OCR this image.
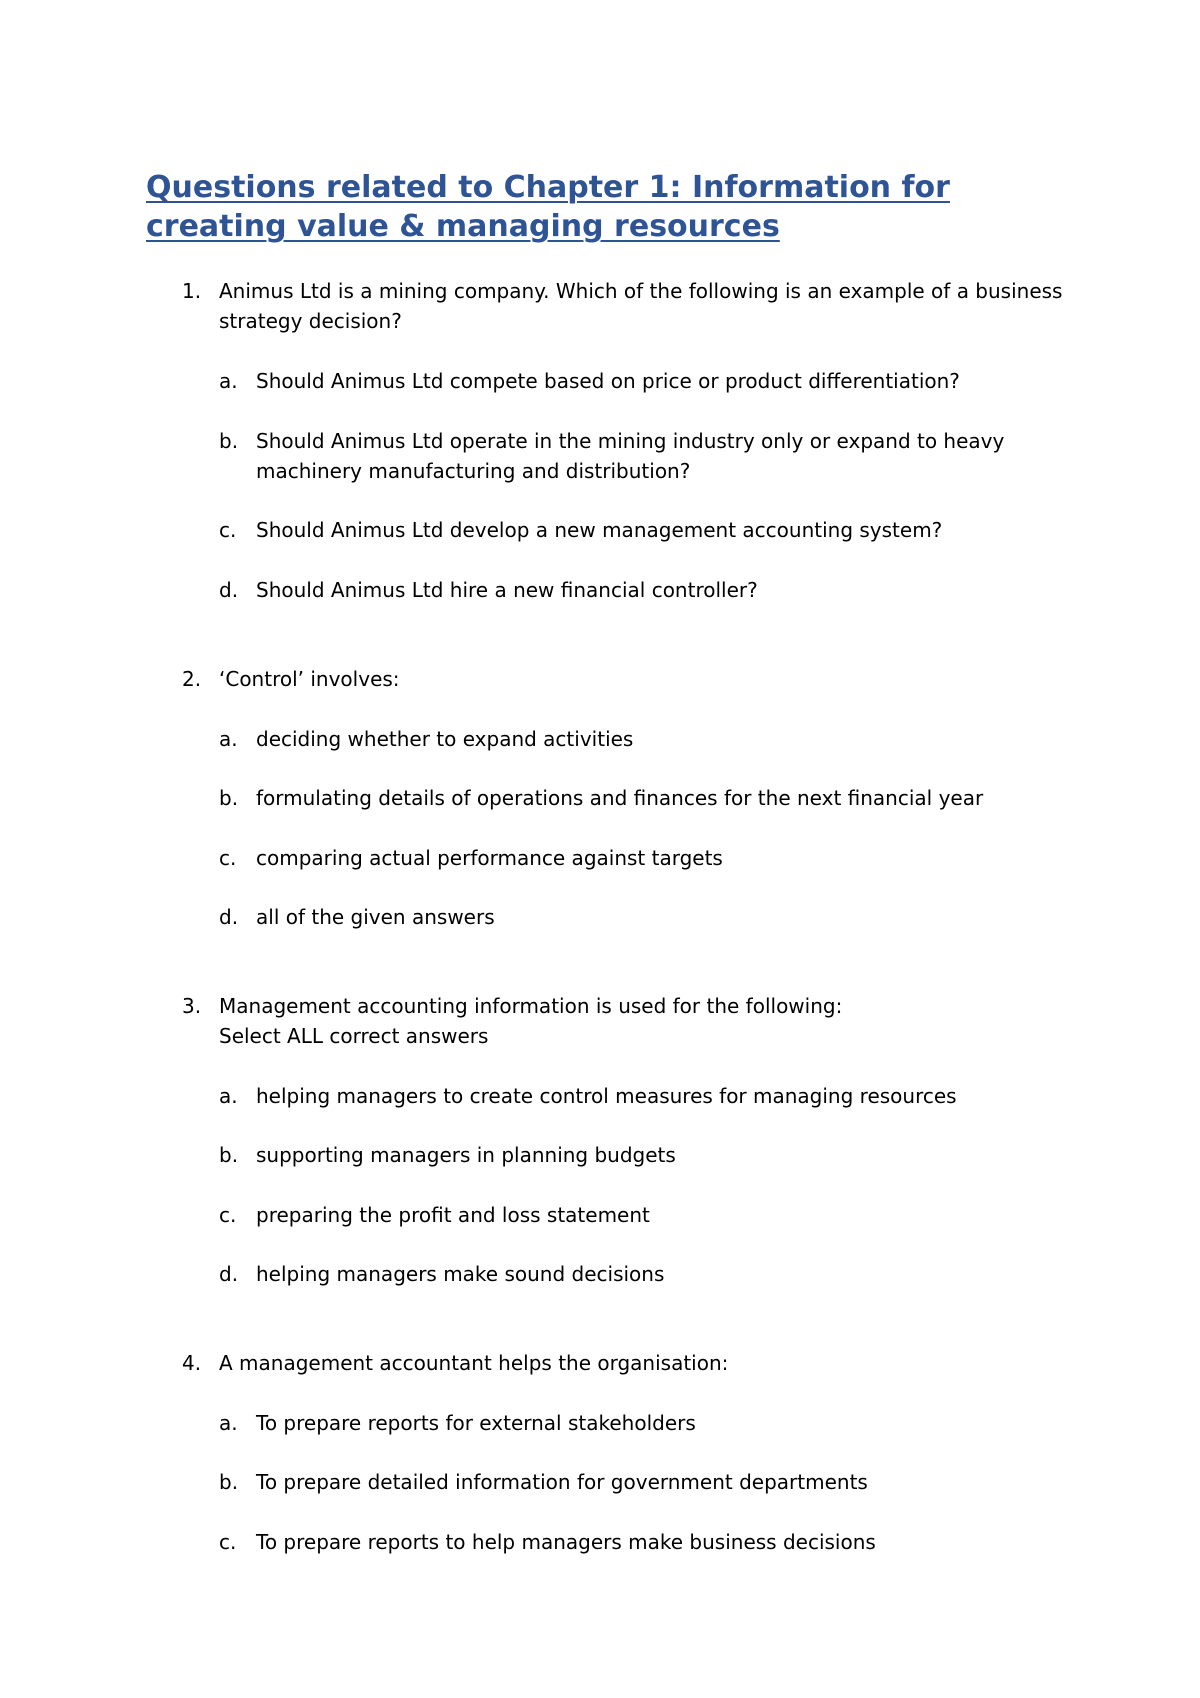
Questions related to Chapter 1: Information for
creating value & managing resources
1. Animus Ltd is a mining company. Which of the following is an example of a business
strategy decision?
a. Should Animus Ltd compete based on price or product differentiation?
b. Should Animus Ltd operate in the mining industry only or expand to heavy
machinery manufacturing and distribution?
c. Should Animus Ltd develop a new management accounting system?
d. Should Animus Ltd hire a new financial controller?
2. ‘Control’ involves:
a. deciding whether to expand activities
b. formulating details of operations and finances for the next financial year
c. comparing actual performance against targets
d. all of the given answers
3. Management accounting information is used for the following:
Select ALL correct answers
a. helping managers to create control measures for managing resources
b. supporting managers in planning budgets
c. preparing the profit and loss statement
d. helping managers make sound decisions
4. A management accountant helps the organisation:
a. To prepare reports for external stakeholders
b. To prepare detailed information for government departments
c. To prepare reports to help managers make business decisions
